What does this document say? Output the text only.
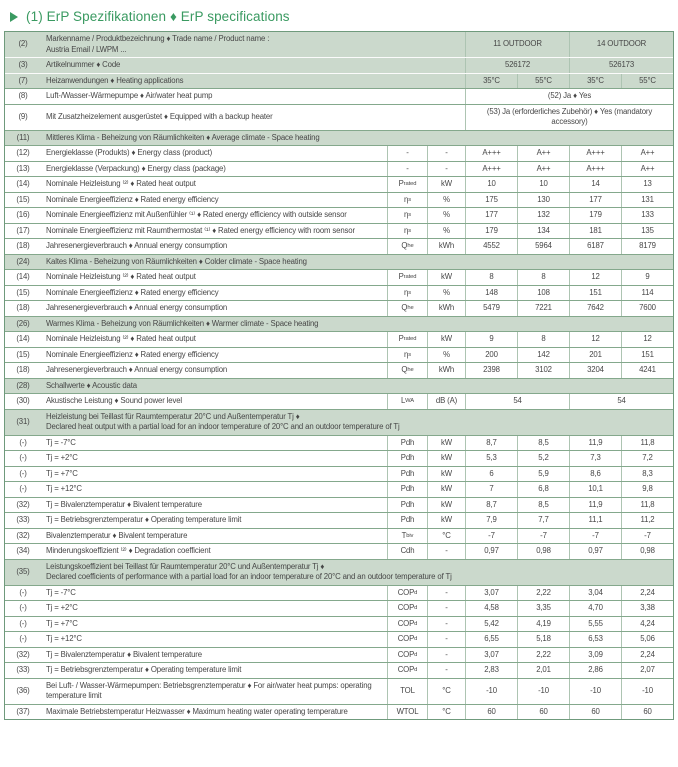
(1) ErP Spezifikationen ♦ ErP specifications
(2)
Markenname / Produktbezeichnung ♦ Trade name / Product name :
Austria Email / LWPM ...
11 OUTDOOR	14 OUTDOOR
(3)	Artikelnummer ♦ Code	526172	526173
(7)	Heizanwendungen ♦ Heating applications	35°C	55°C	35°C	55°C
(8)	Luft-/Wasser-Wärmepumpe ♦ Air/water heat pump	(52) Ja ♦ Yes
(9)	Mit Zusatzheizelement ausgerüstet ♦ Equipped with a backup heater
(53) Ja (erforderliches Zubehör) ♦ Yes (mandatory accessory)
(11)	Mittleres Klima - Beheizung von Räumlichkeiten ♦ Average climate - Space heating
(12)	Energieklasse (Produkts) ♦ Energy class (product)	-	-	A+++	A++	A+++	A++
(13)	Energieklasse (Verpackung) ♦ Energy class (package)	-	-	A+++	A++	A+++	A++
(14)	Nominale Heizleistung ⁽²⁾ ♦ Rated heat output	P rated	kW	10	10	14	13
(15)	Nominale Energieeffizienz ♦ Rated energy efficiency	η s	%	175	130	177	131
(16)	Nominale Energieeffizienz mit Außenfühler ⁽¹⁾ ♦ Rated energy efficiency with outside sensor	η s	%	177	132	179	133
(17)	Nominale Energieeffizienz mit Raumthermostat ⁽¹⁾ ♦ Rated energy efficiency with room sensor	η s	%	179	134	181	135
(18)	Jahresenergieverbrauch ♦ Annual energy consumption	Q he	kWh	4552	5964	6187	8179
(24)	Kaltes Klima - Beheizung von Räumlichkeiten ♦ Colder climate - Space heating
(14)	Nominale Heizleistung ⁽²⁾ ♦ Rated heat output	P rated	kW	8	8	12	9
(15)	Nominale Energieeffizienz ♦ Rated energy efficiency	η s	%	148	108	151	114
(18)	Jahresenergieverbrauch ♦ Annual energy consumption	Q he	kWh	5479	7221	7642	7600
(26)	Warmes Klima - Beheizung von Räumlichkeiten ♦ Warmer climate - Space heating
(14)	Nominale Heizleistung ⁽²⁾ ♦ Rated heat output	P rated	kW	9	8	12	12
(15)	Nominale Energieeffizienz ♦ Rated energy efficiency	η s	%	200	142	201	151
(18)	Jahresenergieverbrauch ♦ Annual energy consumption	Q he	kWh	2398	3102	3204	4241
(28)	Schallwerte ♦ Acoustic data
(30)	Akustische Leistung ♦ Sound power level	L WA	dB (A)	54	54
(31)
Heizleistung bei Teillast für Raumtemperatur 20°C und Außentemperatur Tj ♦
Declared heat output with a partial load for an indoor temperature of 20°C and an outdoor temperature of Tj
(-)	Tj = -7°C	Pdh	kW	8,7	8,5	11,9	11,8
(-)	Tj = +2°C	Pdh	kW	5,3	5,2	7,3	7,2
(-)	Tj = +7°C	Pdh	kW	6	5,9	8,6	8,3
(-)	Tj = +12°C	Pdh	kW	7	6,8	10,1	9,8
(32)	Tj = Bivalenztemperatur ♦ Bivalent temperature	Pdh	kW	8,7	8,5	11,9	11,8
(33)	Tj = Betriebsgrenztemperatur ♦ Operating temperature limit	Pdh	kW	7,9	7,7	11,1	11,2
(32)	Bivalenztemperatur ♦ Bivalent temperature	T biv	°C	-7	-7	-7	-7
(34)	Minderungskoeffizient ⁽²⁾ ♦ Degradation coefficient	Cdh	-	0,97	0,98	0,97	0,98
(35)
Leistungskoeffizient bei Teillast für Raumtemperatur 20°C und Außentemperatur Tj ♦
Declared coefficients of performance with a partial load for an indoor temperature of 20°C and an outdoor temperature of Tj
(-)	Tj = -7°C	COP d	-	3,07	2,22	3,04	2,24
(-)	Tj = +2°C	COP d	-	4,58	3,35	4,70	3,38
(-)	Tj = +7°C	COP d	-	5,42	4,19	5,55	4,24
(-)	Tj = +12°C	COP d	-	6,55	5,18	6,53	5,06
(32)	Tj = Bivalenztemperatur ♦ Bivalent temperature	COP d	-	3,07	2,22	3,09	2,24
(33)	Tj = Betriebsgrenztemperatur ♦ Operating temperature limit	COP d	-	2,83	2,01	2,86	2,07
(36)
Bei Luft- / Wasser-Wärmepumpen: Betriebsgrenztemperatur ♦ For air/water heat pumps: operating temperature limit
TOL	°C	-10	-10	-10	-10
(37)	Maximale Betriebstemperatur Heizwasser ♦ Maximum heating water operating temperature	WTOL	°C	60	60	60	60
